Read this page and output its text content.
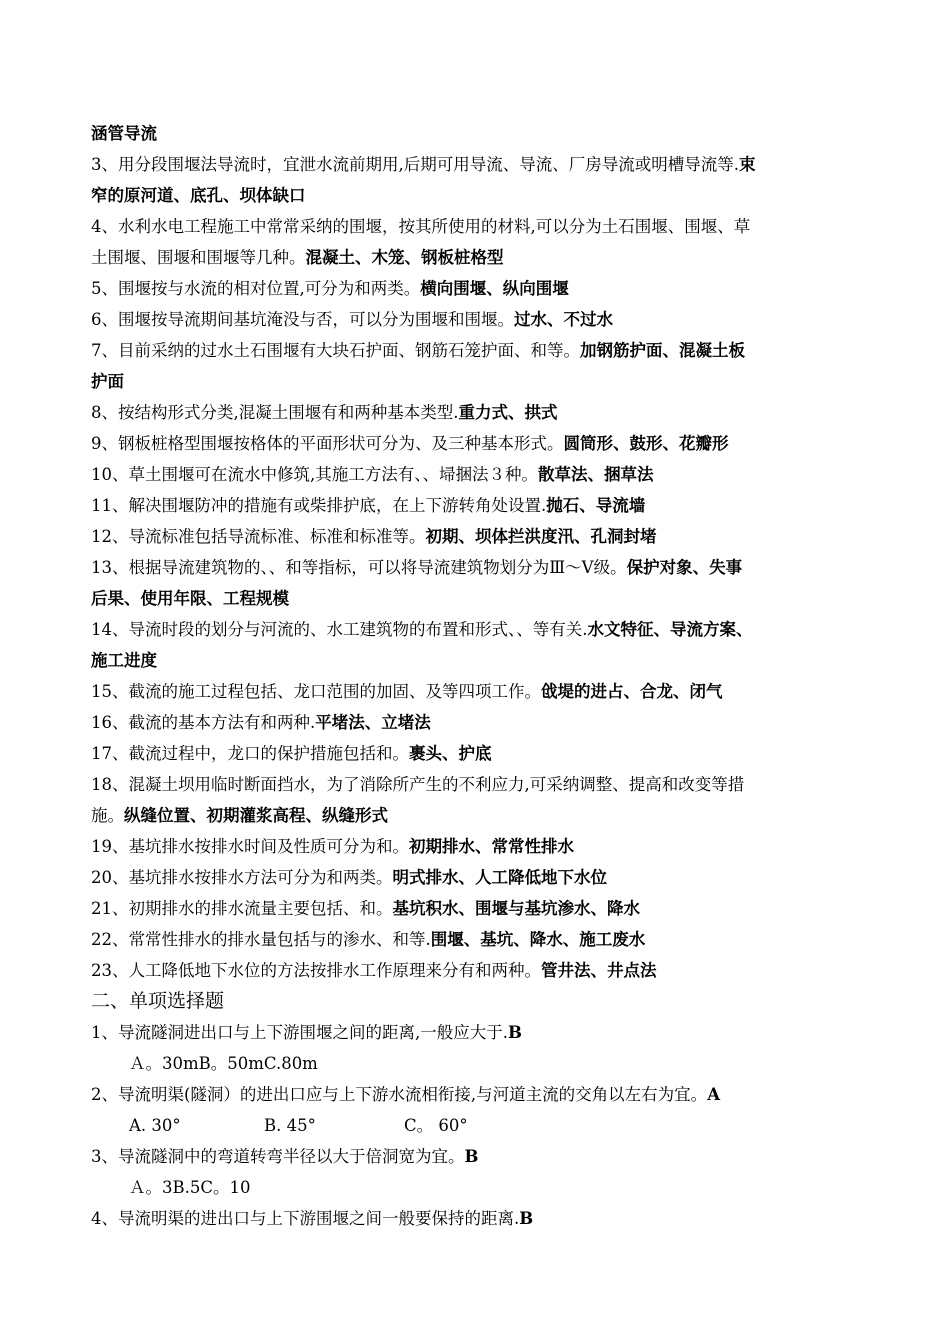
涵管导流
3、用分段围堰法导流时，宜泄水流前期用,后期可用导流、导流、厂房导流或明槽导流等.束
窄的原河道、底孔、坝体缺口
4、水利水电工程施工中常常采纳的围堰，按其所使用的材料,可以分为土石围堰、围堰、草
土围堰、围堰和围堰等几种。混凝土、木笼、钢板桩格型
5、围堰按与水流的相对位置,可分为和两类。横向围堰、纵向围堰
6、围堰按导流期间基坑淹没与否，可以分为围堰和围堰。过水、不过水
7、目前采纳的过水土石围堰有大块石护面、钢筋石笼护面、和等。加钢筋护面、混凝土板
护面
8、按结构形式分类,混凝土围堰有和两种基本类型.重力式、拱式
9、钢板桩格型围堰按格体的平面形状可分为、及三种基本形式。圆筒形、鼓形、花瓣形
10、草土围堰可在流水中修筑,其施工方法有、、埽捆法３种。散草法、捆草法
11、解决围堰防冲的措施有或柴排护底，在上下游转角处设置.抛石、导流墙
12、导流标准包括导流标准、标准和标准等。初期、坝体拦洪度汛、孔洞封堵
13、根据导流建筑物的、、和等指标，可以将导流建筑物划分为Ⅲ～Ⅴ级。保护对象、失事
后果、使用年限、工程规模
14、导流时段的划分与河流的、水工建筑物的布置和形式、、等有关.水文特征、导流方案、
施工进度
15、截流的施工过程包括、龙口范围的加固、及等四项工作。戗堤的进占、合龙、闭气
16、截流的基本方法有和两种.平堵法、立堵法
17、截流过程中，龙口的保护措施包括和。裹头、护底
18、混凝土坝用临时断面挡水，为了消除所产生的不利应力,可采纳调整、提高和改变等措
施。纵缝位置、初期灌浆高程、纵缝形式
19、基坑排水按排水时间及性质可分为和。初期排水、常常性排水
20、基坑排水按排水方法可分为和两类。明式排水、人工降低地下水位
21、初期排水的排水流量主要包括、和。基坑积水、围堰与基坑渗水、降水
22、常常性排水的排水量包括与的渗水、和等.围堰、基坑、降水、施工废水
23、人工降低地下水位的方法按排水工作原理来分有和两种。管井法、井点法
二、单项选择题
1、导流隧洞进出口与上下游围堰之间的距离,一般应大于.B
Ａ。30mB。50mC.80m
2、导流明渠(隧洞）的进出口应与上下游水流相衔接,与河道主流的交角以左右为宜。A
A. 30°	B. 45°	C。 60°
3、导流隧洞中的弯道转弯半径以大于倍洞宽为宜。B
Ａ。3B.5C。10
4、导流明渠的进出口与上下游围堰之间一般要保持的距离.B
